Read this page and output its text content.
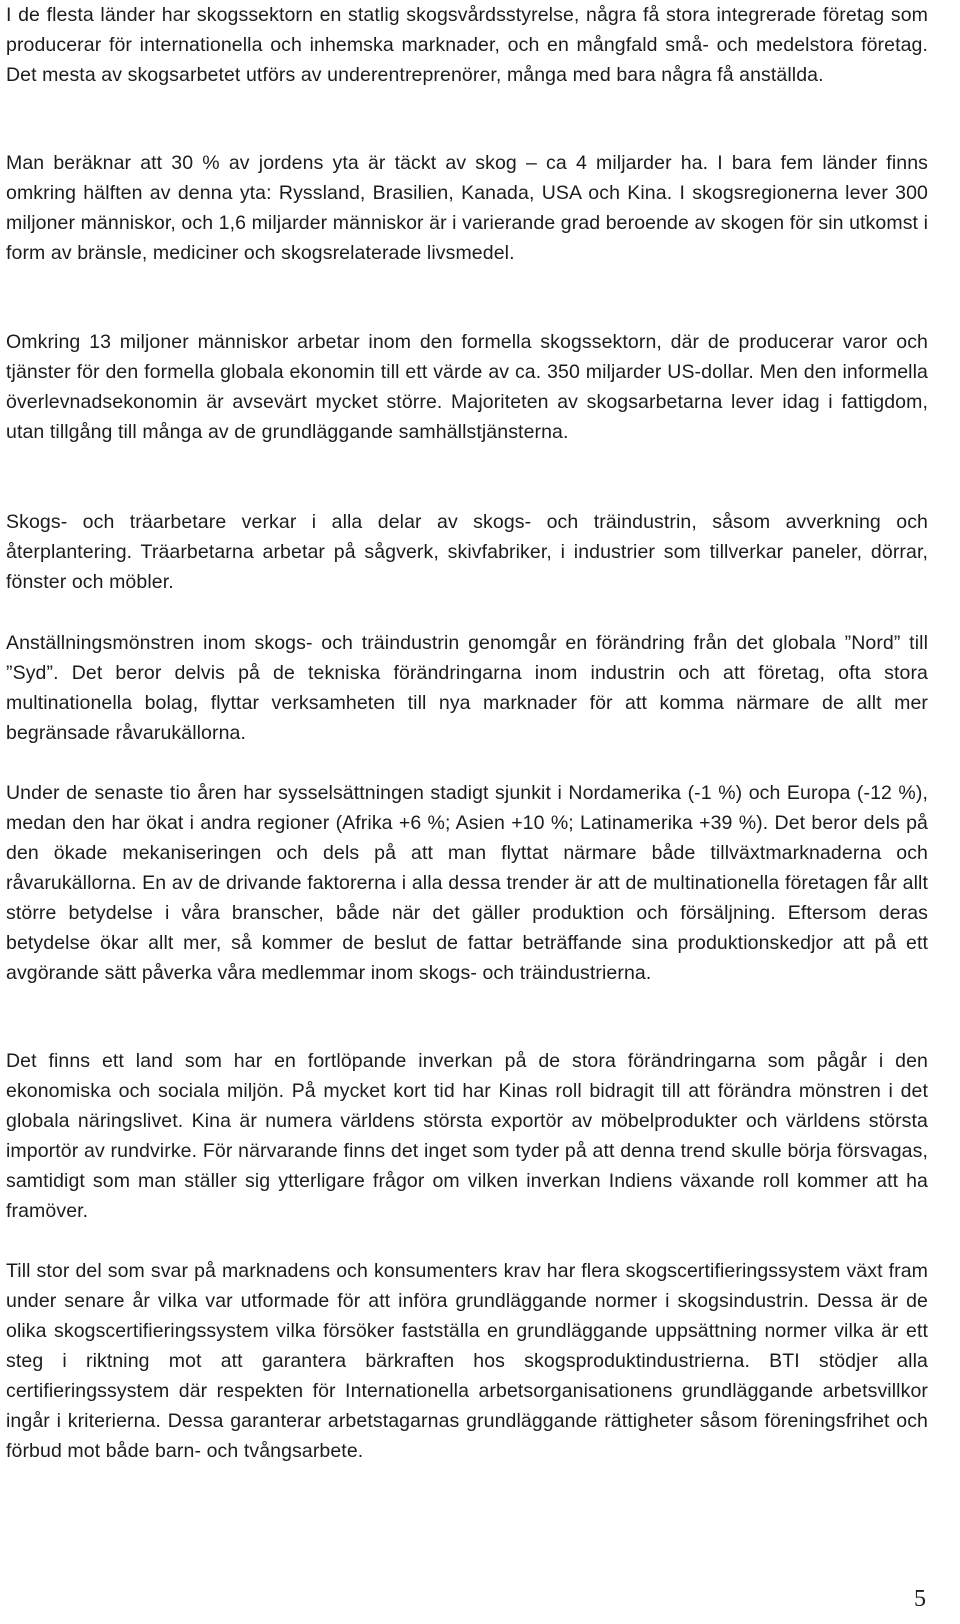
I de flesta länder har skogssektorn en statlig skogsvårdsstyrelse, några få stora integrerade företag som producerar för internationella och inhemska marknader, och en mångfald små- och medelstora företag. Det mesta av skogsarbetet utförs av underentreprenörer, många med bara några få anställda.

Man beräknar att 30 % av jordens yta är täckt av skog – ca 4 miljarder ha. I bara fem länder finns omkring hälften av denna yta: Ryssland, Brasilien, Kanada, USA och Kina. I skogsregionerna lever 300 miljoner människor, och 1,6 miljarder människor är i varierande grad beroende av skogen för sin utkomst i form av bränsle, mediciner och skogsrelaterade livsmedel.

Omkring 13 miljoner människor arbetar inom den formella skogssektorn, där de producerar varor och tjänster för den formella globala ekonomin till ett värde av ca. 350 miljarder US-dollar. Men den informella överlevnadsekonomin är avsevärt mycket större. Majoriteten av skogsarbetarna lever idag i fattigdom, utan tillgång till många av de grundläggande samhällstjänsterna.

Skogs- och träarbetare verkar i alla delar av skogs- och träindustrin, såsom avverkning och återplantering. Träarbetarna arbetar på sågverk, skivfabriker, i industrier som tillverkar paneler, dörrar, fönster och möbler.

Anställningsmönstren inom skogs- och träindustrin genomgår en förändring från det globala ”Nord” till ”Syd”. Det beror delvis på de tekniska förändringarna inom industrin och att företag, ofta stora multinationella bolag, flyttar verksamheten till nya marknader för att komma närmare de allt mer begränsade råvarukällorna.

Under de senaste tio åren har sysselsättningen stadigt sjunkit i Nordamerika (-1 %) och Europa (-12 %), medan den har ökat i andra regioner (Afrika +6 %; Asien +10 %; Latinamerika +39 %). Det beror dels på den ökade mekaniseringen och dels på att man flyttat närmare både tillväxtmarknaderna och råvarukällorna. En av de drivande faktorerna i alla dessa trender är att de multinationella företagen får allt större betydelse i våra branscher, både när det gäller produktion och försäljning. Eftersom deras betydelse ökar allt mer, så kommer de beslut de fattar beträffande sina produktionskedjor att på ett avgörande sätt påverka våra medlemmar inom skogs- och träindustrierna.

Det finns ett land som har en fortlöpande inverkan på de stora förändringarna som pågår i den ekonomiska och sociala miljön. På mycket kort tid har Kinas roll bidragit till att förändra mönstren i det globala näringslivet. Kina är numera världens största exportör av möbelprodukter och världens största importör av rundvirke. För närvarande finns det inget som tyder på att denna trend skulle börja försvagas, samtidigt som man ställer sig ytterligare frågor om vilken inverkan Indiens växande roll kommer att ha framöver.

Till stor del som svar på marknadens och konsumenters krav har flera skogscertifieringssystem växt fram under senare år vilka var utformade för att införa grundläggande normer i skogsindustrin. Dessa är de olika skogscertifieringssystem vilka försöker fastställa en grundläggande uppsättning normer vilka är ett steg i riktning mot att garantera bärkraften hos skogsproduktindustrierna. BTI stödjer alla certifieringssystem där respekten för Internationella arbetsorganisationens grundläggande arbetsvillkor ingår i kriterierna. Dessa garanterar arbetstagarnas grundläggande rättigheter såsom föreningsfrihet och förbud mot både barn- och tvångsarbete.

5
